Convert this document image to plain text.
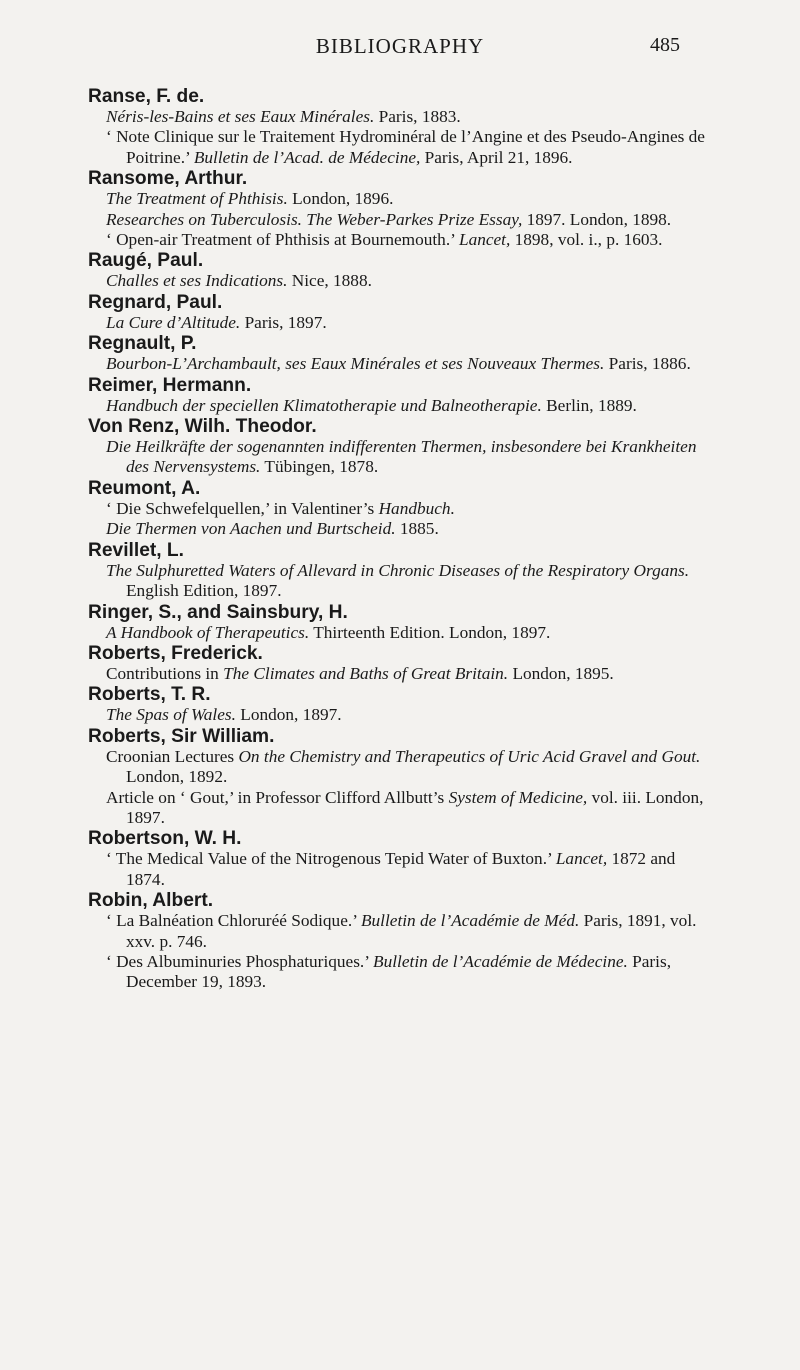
BIBLIOGRAPHY	485
Ranse, F. de.
Néris-les-Bains et ses Eaux Minérales. Paris, 1883.
‘ Note Clinique sur le Traitement Hydrominéral de l’Angine et des Pseudo-Angines de Poitrine.’ Bulletin de l’Acad. de Médecine, Paris, April 21, 1896.
Ransome, Arthur.
The Treatment of Phthisis. London, 1896.
Researches on Tuberculosis. The Weber-Parkes Prize Essay, 1897. London, 1898.
‘ Open-air Treatment of Phthisis at Bournemouth.’ Lancet, 1898, vol. i., p. 1603.
Raugé, Paul.
Challes et ses Indications. Nice, 1888.
Regnard, Paul.
La Cure d’Altitude. Paris, 1897.
Regnault, P.
Bourbon-L’Archambault, ses Eaux Minérales et ses Nouveaux Thermes. Paris, 1886.
Reimer, Hermann.
Handbuch der speciellen Klimatotherapie und Balneotherapie. Berlin, 1889.
Von Renz, Wilh. Theodor.
Die Heilkräfte der sogenannten indifferenten Thermen, insbesondere bei Krankheiten des Nervensystems. Tübingen, 1878.
Reumont, A.
‘ Die Schwefelquellen,’ in Valentiner’s Handbuch.
Die Thermen von Aachen und Burtscheid. 1885.
Revillet, L.
The Sulphuretted Waters of Allevard in Chronic Diseases of the Respiratory Organs. English Edition, 1897.
Ringer, S., and Sainsbury, H.
A Handbook of Therapeutics. Thirteenth Edition. London, 1897.
Roberts, Frederick.
Contributions in The Climates and Baths of Great Britain. London, 1895.
Roberts, T. R.
The Spas of Wales. London, 1897.
Roberts, Sir William.
Croonian Lectures On the Chemistry and Therapeutics of Uric Acid Gravel and Gout. London, 1892.
Article on ‘ Gout,’ in Professor Clifford Allbutt’s System of Medicine, vol. iii. London, 1897.
Robertson, W. H.
‘ The Medical Value of the Nitrogenous Tepid Water of Buxton.’ Lancet, 1872 and 1874.
Robin, Albert.
‘ La Balnéation Chloruréé Sodique.’ Bulletin de l’Académie de Méd. Paris, 1891, vol. xxv. p. 746.
‘ Des Albuminuries Phosphaturiques.’ Bulletin de l’Académie de Médecine. Paris, December 19, 1893.
